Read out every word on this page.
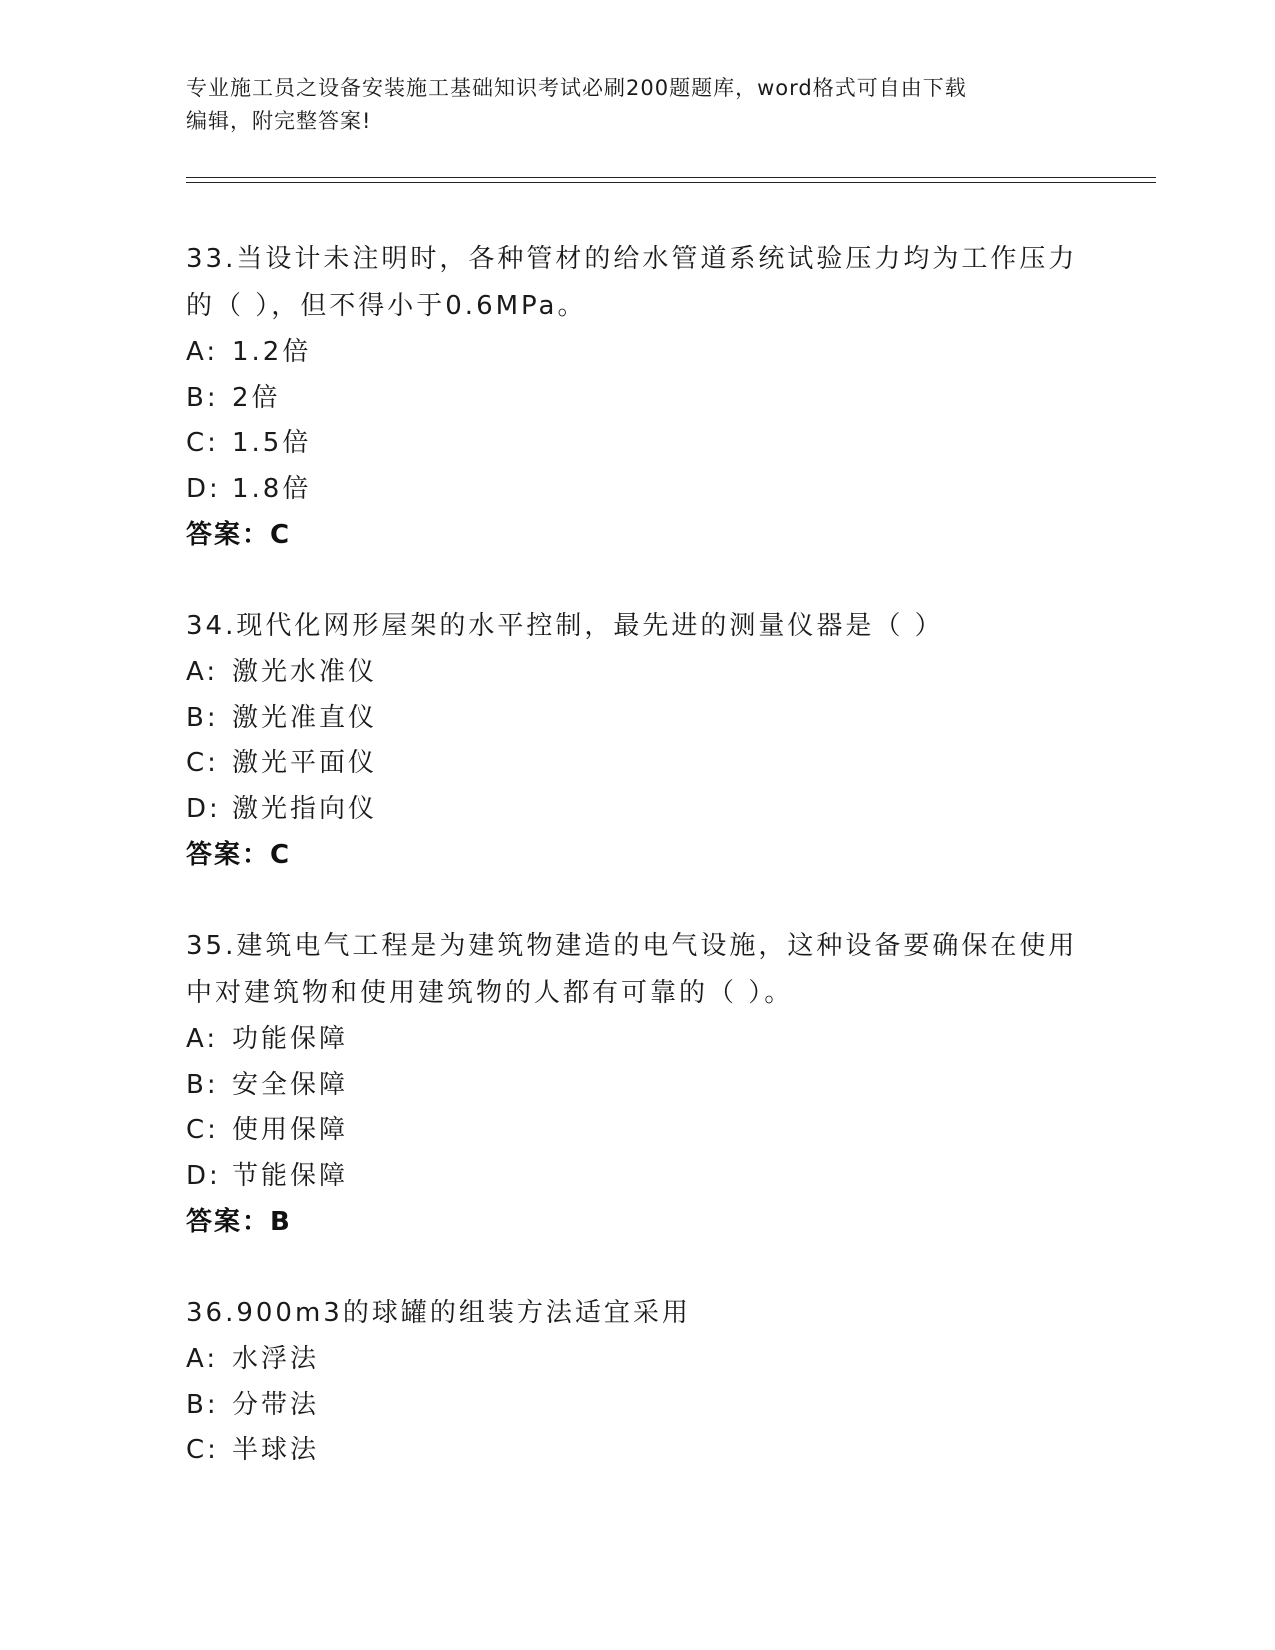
专业施工员之设备安装施工基础知识考试必刷200题题库，word格式可自由下载
编辑，附完整答案!
33.当设计未注明时，各种管材的给水管道系统试验压力均为工作压力
的（ ），但不得小于0.6MPa。
A: 1.2倍
B: 2倍
C: 1.5倍
D: 1.8倍
答案：C
34.现代化网形屋架的水平控制，最先进的测量仪器是（ ）
A: 激光水准仪
B: 激光准直仪
C: 激光平面仪
D: 激光指向仪
答案：C
35.建筑电气工程是为建筑物建造的电气设施，这种设备要确保在使用
中对建筑物和使用建筑物的人都有可靠的（ ）。
A: 功能保障
B: 安全保障
C: 使用保障
D: 节能保障
答案：B
36.900m3的球罐的组装方法适宜采用
A: 水浮法
B: 分带法
C: 半球法
